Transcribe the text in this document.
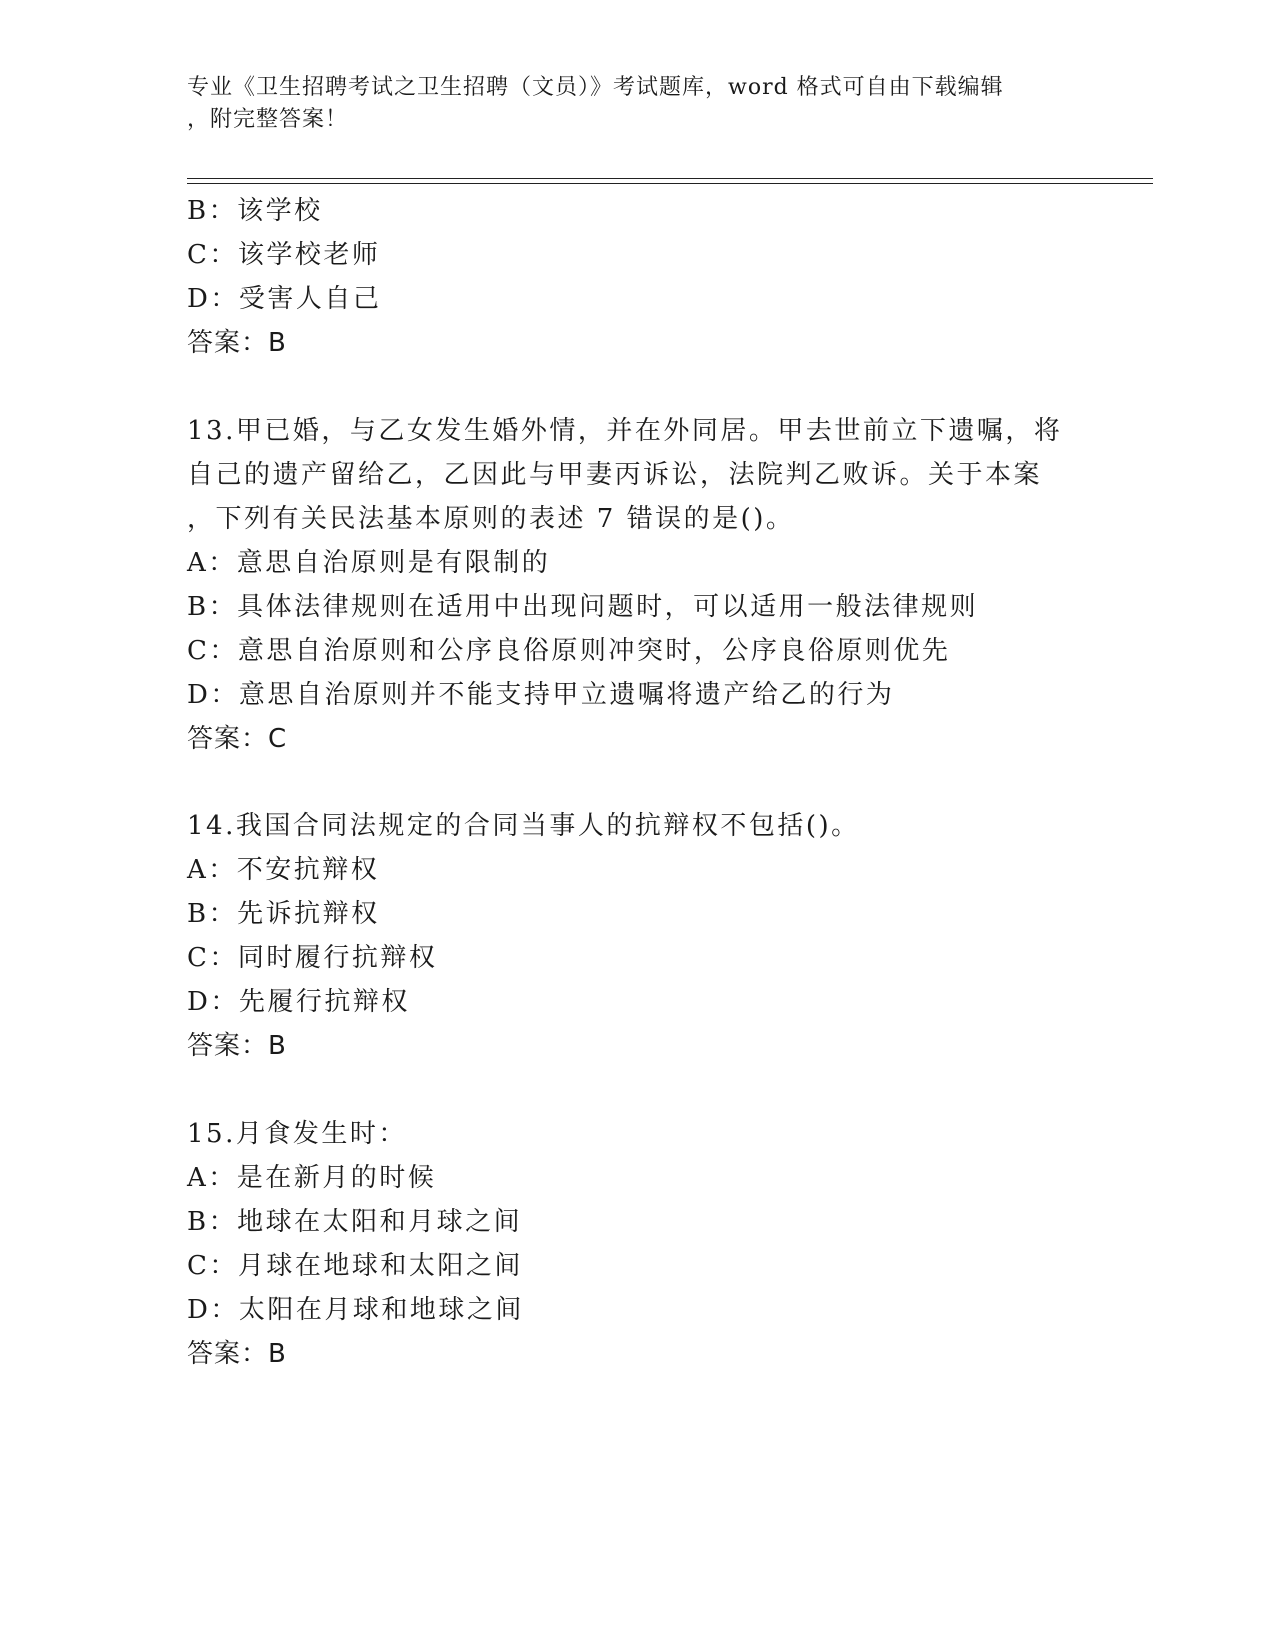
专业《卫生招聘考试之卫生招聘（文员）》考试题库，word 格式可自由下载编辑
，附完整答案！
B：该学校
C：该学校老师
D：受害人自己
答案：B
13.甲已婚，与乙女发生婚外情，并在外同居。甲去世前立下遗嘱，将
自己的遗产留给乙，乙因此与甲妻丙诉讼，法院判乙败诉。关于本案
，下列有关民法基本原则的表述 7 错误的是()。
A：意思自治原则是有限制的
B：具体法律规则在适用中出现问题时，可以适用一般法律规则
C：意思自治原则和公序良俗原则冲突时，公序良俗原则优先
D：意思自治原则并不能支持甲立遗嘱将遗产给乙的行为
答案：C
14.我国合同法规定的合同当事人的抗辩权不包括()。
A：不安抗辩权
B：先诉抗辩权
C：同时履行抗辩权
D：先履行抗辩权
答案：B
15.月食发生时：
A：是在新月的时候
B：地球在太阳和月球之间
C：月球在地球和太阳之间
D：太阳在月球和地球之间
答案：B
